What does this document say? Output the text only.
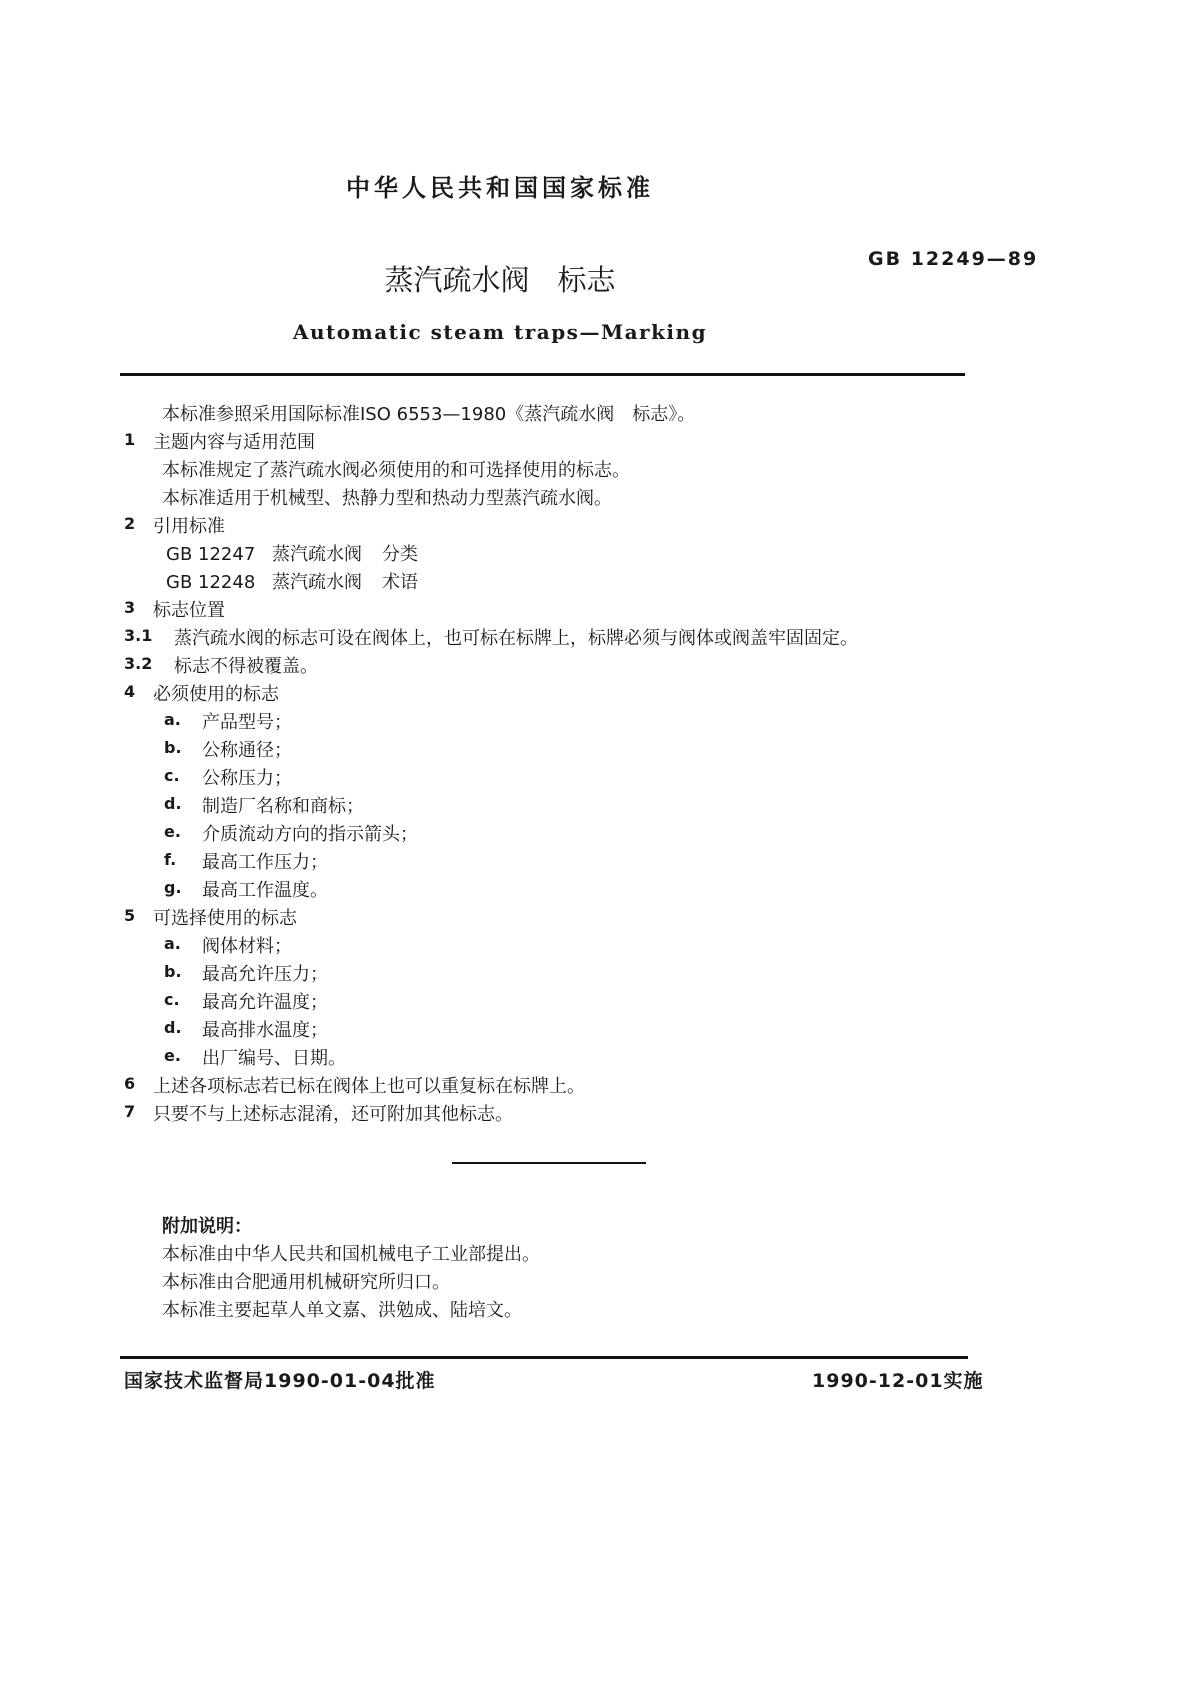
中华人民共和国国家标准
GB 12249—89
蒸汽疏水阀 标志
Automatic steam traps—Marking
本标准参照采用国际标准ISO 6553—1980《蒸汽疏水阀　标志》。
1 主题内容与适用范围
本标准规定了蒸汽疏水阀必须使用的和可选择使用的标志。
本标准适用于机械型、热静力型和热动力型蒸汽疏水阀。
2 引用标准
GB 12247 蒸汽疏水阀 分类
GB 12248 蒸汽疏水阀 术语
3 标志位置
3.1 蒸汽疏水阀的标志可设在阀体上，也可标在标牌上，标牌必须与阀体或阀盖牢固固定。
3.2 标志不得被覆盖。
4 必须使用的标志
a. 产品型号；
b. 公称通径；
c. 公称压力；
d. 制造厂名称和商标；
e. 介质流动方向的指示箭头；
f. 最高工作压力；
g. 最高工作温度。
5 可选择使用的标志
a. 阀体材料；
b. 最高允许压力；
c. 最高允许温度；
d. 最高排水温度；
e. 出厂编号、日期。
6 上述各项标志若已标在阀体上也可以重复标在标牌上。
7 只要不与上述标志混淆，还可附加其他标志。
附加说明：
本标准由中华人民共和国机械电子工业部提出。
本标准由合肥通用机械研究所归口。
本标准主要起草人单文嘉、洪勉成、陆培文。
国家技术监督局1990-01-04批准	1990-12-01实施
